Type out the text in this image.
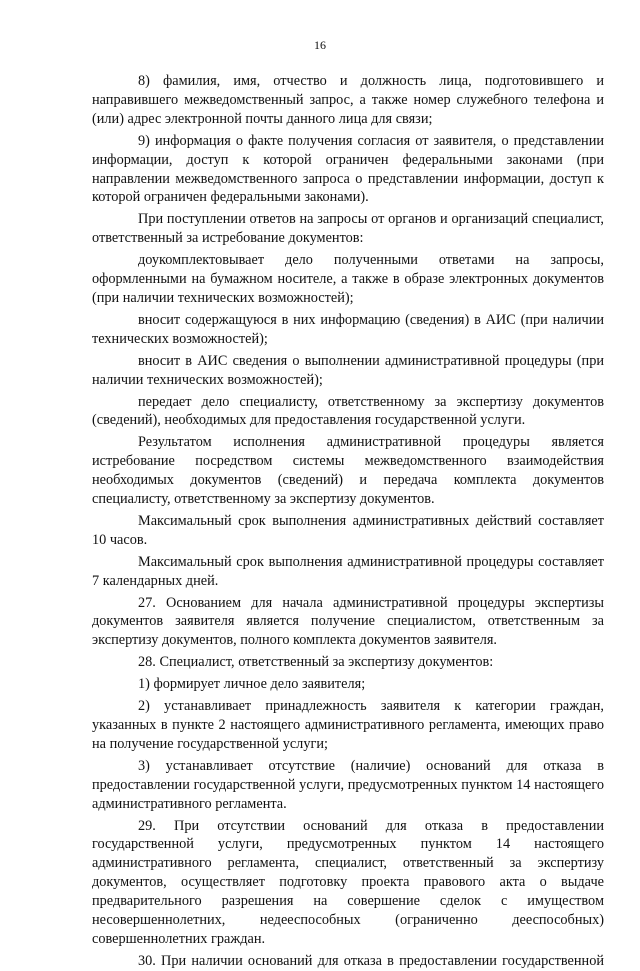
16

8) фамилия, имя, отчество и должность лица, подготовившего и направившего межведомственный запрос, а также номер служебного телефона и (или) адрес электронной почты данного лица для связи;

9) информация о факте получения согласия от заявителя, о представлении информации, доступ к которой ограничен федеральными законами (при направлении межведомственного запроса о представлении информации, доступ к которой ограничен федеральными законами).

При поступлении ответов на запросы от органов и организаций специалист, ответственный за истребование документов:

доукомплектовывает дело полученными ответами на запросы, оформленными на бумажном носителе, а также в образе электронных документов (при наличии технических возможностей);

вносит содержащуюся в них информацию (сведения) в АИС (при наличии технических возможностей);

вносит в АИС сведения о выполнении административной процедуры (при наличии технических возможностей);

передает дело специалисту, ответственному за экспертизу документов (сведений), необходимых для предоставления государственной услуги.

Результатом исполнения административной процедуры является истребование посредством системы межведомственного взаимодействия необходимых документов (сведений) и передача комплекта документов специалисту, ответственному за экспертизу документов.

Максимальный срок выполнения административных действий составляет 10 часов.

Максимальный срок выполнения административной процедуры составляет 7 календарных дней.

27. Основанием для начала административной процедуры экспертизы документов заявителя является получение специалистом, ответственным за экспертизу документов, полного комплекта документов заявителя.

28. Специалист, ответственный за экспертизу документов:

1) формирует личное дело заявителя;

2) устанавливает принадлежность заявителя к категории граждан, указанных в пункте 2 настоящего административного регламента, имеющих право на получение государственной услуги;

3) устанавливает отсутствие (наличие) оснований для отказа в предоставлении государственной услуги, предусмотренных пунктом 14 настоящего административного регламента.

29. При отсутствии оснований для отказа в предоставлении государственной услуги, предусмотренных пунктом 14 настоящего административного регламента, специалист, ответственный за экспертизу документов, осуществляет подготовку проекта правового акта о выдаче предварительного разрешения на совершение сделок с имуществом несовершеннолетних, недееспособных (ограниченно дееспособных) совершеннолетних граждан.

30. При наличии оснований для отказа в предоставлении государственной
